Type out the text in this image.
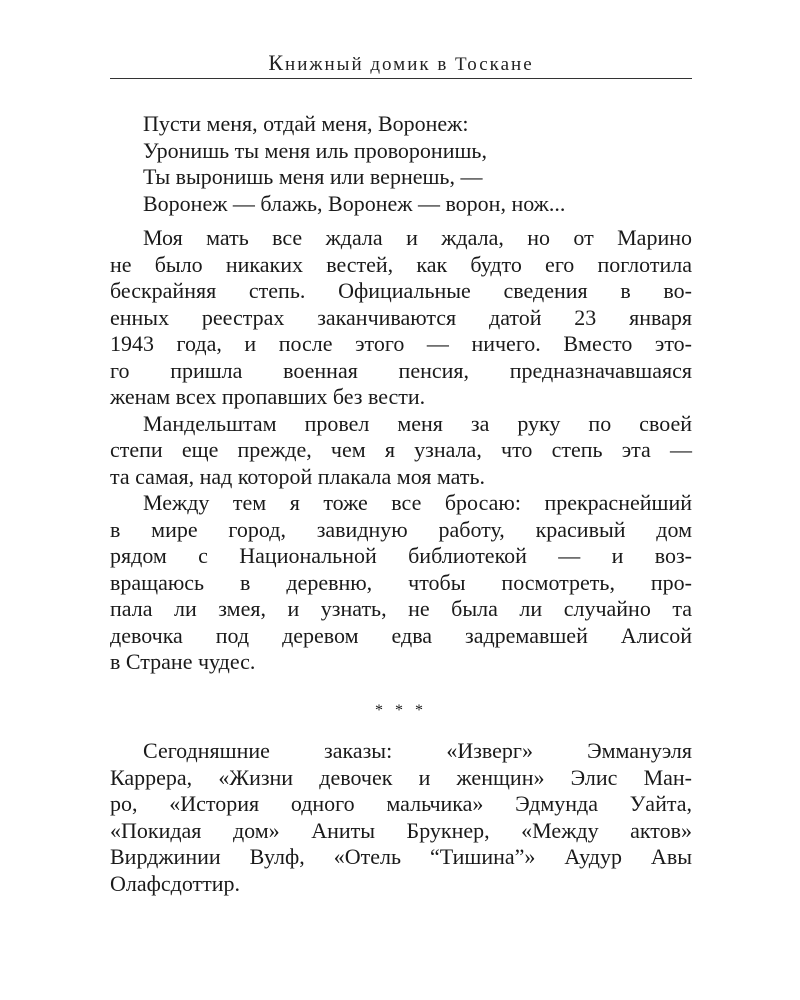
Книжный домик в Тоскане
Пусти меня, отдай меня, Воронеж:
Уронишь ты меня иль проворонишь,
Ты выронишь меня или вернешь, —
Воронеж — блажь, Воронеж — ворон, нож...
Моя мать все ждала и ждала, но от Марино
не было никаких вестей, как будто его поглотила
бескрайняя степь. Официальные сведения в во-
енных реестрах заканчиваются датой 23 января
1943 года, и после этого — ничего. Вместо это-
го пришла военная пенсия, предназначавшаяся
женам всех пропавших без вести.
Мандельштам провел меня за руку по своей
степи еще прежде, чем я узнала, что степь эта —
та самая, над которой плакала моя мать.
Между тем я тоже все бросаю: прекраснейший
в мире город, завидную работу, красивый дом
рядом с Национальной библиотекой — и воз-
вращаюсь в деревню, чтобы посмотреть, про-
пала ли змея, и узнать, не была ли случайно та
девочка под деревом едва задремавшей Алисой
в Стране чудес.
* * *
Сегодняшние заказы: «Изверг» Эммануэля
Каррера, «Жизни девочек и женщин» Элис Ман-
ро, «История одного мальчика» Эдмунда Уайта,
«Покидая дом» Аниты Брукнер, «Между актов»
Вирджинии Вулф, «Отель “Тишина”» Аудур Авы
Олафсдоттир.
